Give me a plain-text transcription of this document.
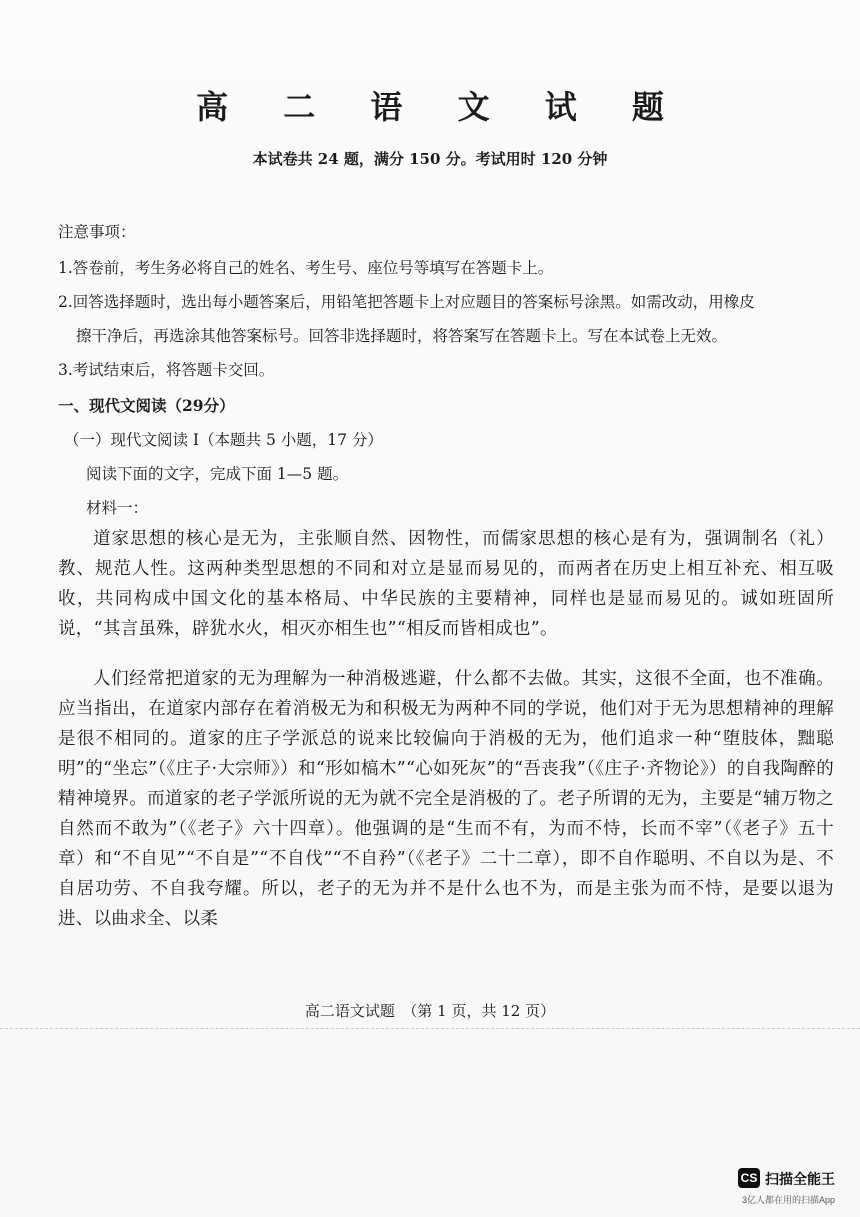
高 二 语 文 试 题
本试卷共 24 题，满分 150 分。考试用时 120 分钟
注意事项：
1.答卷前，考生务必将自己的姓名、考生号、座位号等填写在答题卡上。
2.回答选择题时，选出每小题答案后，用铅笔把答题卡上对应题目的答案标号涂黑。如需改动，用橡皮
擦干净后，再选涂其他答案标号。回答非选择题时，将答案写在答题卡上。写在本试卷上无效。
3.考试结束后，将答题卡交回。
一、现代文阅读（29分）
（一）现代文阅读 I（本题共 5 小题，17 分）
阅读下面的文字，完成下面 1—5 题。
材料一：
道家思想的核心是无为，主张顺自然、因物性，而儒家思想的核心是有为，强调制名（礼）教、规范人性。这两种类型思想的不同和对立是显而易见的，而两者在历史上相互补充、相互吸收，共同构成中国文化的基本格局、中华民族的主要精神，同样也是显而易见的。诚如班固所说，“其言虽殊，辟犹水火，相灭亦相生也”“相反而皆相成也”。
人们经常把道家的无为理解为一种消极逃避，什么都不去做。其实，这很不全面，也不准确。应当指出，在道家内部存在着消极无为和积极无为两种不同的学说，他们对于无为思想精神的理解是很不相同的。道家的庄子学派总的说来比较偏向于消极的无为，他们追求一种“堕肢体，黜聪明”的“坐忘”（《庄子·大宗师》）和“形如槁木”“心如死灰”的“吾丧我”（《庄子·齐物论》）的自我陶醉的精神境界。而道家的老子学派所说的无为就不完全是消极的了。老子所谓的无为，主要是“辅万物之自然而不敢为”（《老子》六十四章）。他强调的是“生而不有，为而不恃，长而不宰”（《老子》五十章）和“不自见”“不自是”“不自伐”“不自矜”（《老子》二十二章），即不自作聪明、不自以为是、不自居功劳、不自我夸耀。所以，老子的无为并不是什么也不为，而是主张为而不恃，是要以退为进、以曲求全、以柔
高二语文试题　（第 1 页，共 12 页）
CS 扫描全能王
3亿人都在用的扫描App
